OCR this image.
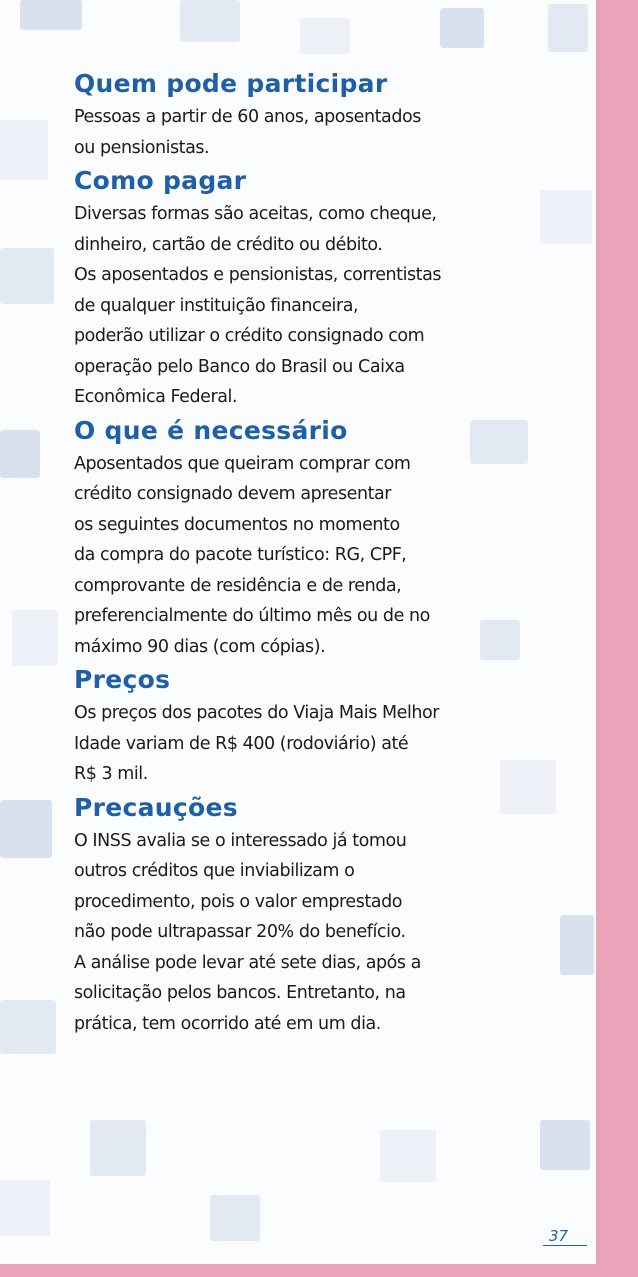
Quem pode participar

Pessoas a partir de 60 anos, aposentados
ou pensionistas.

Como pagar

Diversas formas são aceitas, como cheque,
dinheiro, cartão de crédito ou débito.
Os aposentados e pensionistas, correntistas
de qualquer instituição financeira,
poderão utilizar o crédito consignado com
operação pelo Banco do Brasil ou Caixa
Econômica Federal.

O que é necessário

Aposentados que queiram comprar com
crédito consignado devem apresentar
os seguintes documentos no momento
da compra do pacote turístico: RG, CPF,
comprovante de residência e de renda,
preferencialmente do último mês ou de no
máximo 90 dias (com cópias).

Preços

Os preços dos pacotes do Viaja Mais Melhor
Idade variam de R$ 400 (rodoviário) até
R$ 3 mil.

Precauções

O INSS avalia se o interessado já tomou
outros créditos que inviabilizam o
procedimento, pois o valor emprestado
não pode ultrapassar 20% do benefício.
A análise pode levar até sete dias, após a
solicitação pelos bancos. Entretanto, na
prática, tem ocorrido até em um dia.

37
